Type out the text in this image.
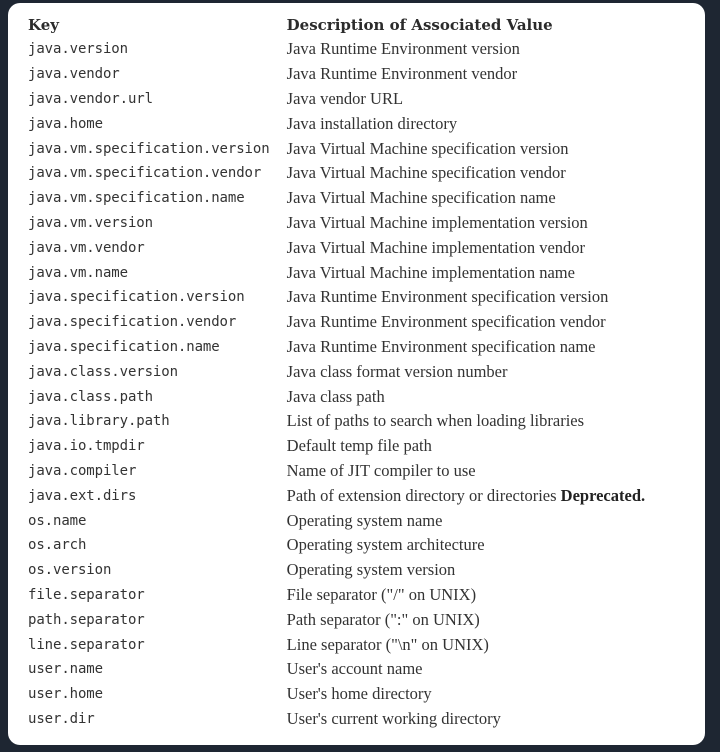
Key	Description of Associated Value
java.version	Java Runtime Environment version
java.vendor	Java Runtime Environment vendor
java.vendor.url	Java vendor URL
java.home	Java installation directory
java.vm.specification.version	Java Virtual Machine specification version
java.vm.specification.vendor	Java Virtual Machine specification vendor
java.vm.specification.name	Java Virtual Machine specification name
java.vm.version	Java Virtual Machine implementation version
java.vm.vendor	Java Virtual Machine implementation vendor
java.vm.name	Java Virtual Machine implementation name
java.specification.version	Java Runtime Environment specification version
java.specification.vendor	Java Runtime Environment specification vendor
java.specification.name	Java Runtime Environment specification name
java.class.version	Java class format version number
java.class.path	Java class path
java.library.path	List of paths to search when loading libraries
java.io.tmpdir	Default temp file path
java.compiler	Name of JIT compiler to use
java.ext.dirs	Path of extension directory or directories Deprecated.
os.name	Operating system name
os.arch	Operating system architecture
os.version	Operating system version
file.separator	File separator ("/" on UNIX)
path.separator	Path separator (":" on UNIX)
line.separator	Line separator ("\n" on UNIX)
user.name	User's account name
user.home	User's home directory
user.dir	User's current working directory
